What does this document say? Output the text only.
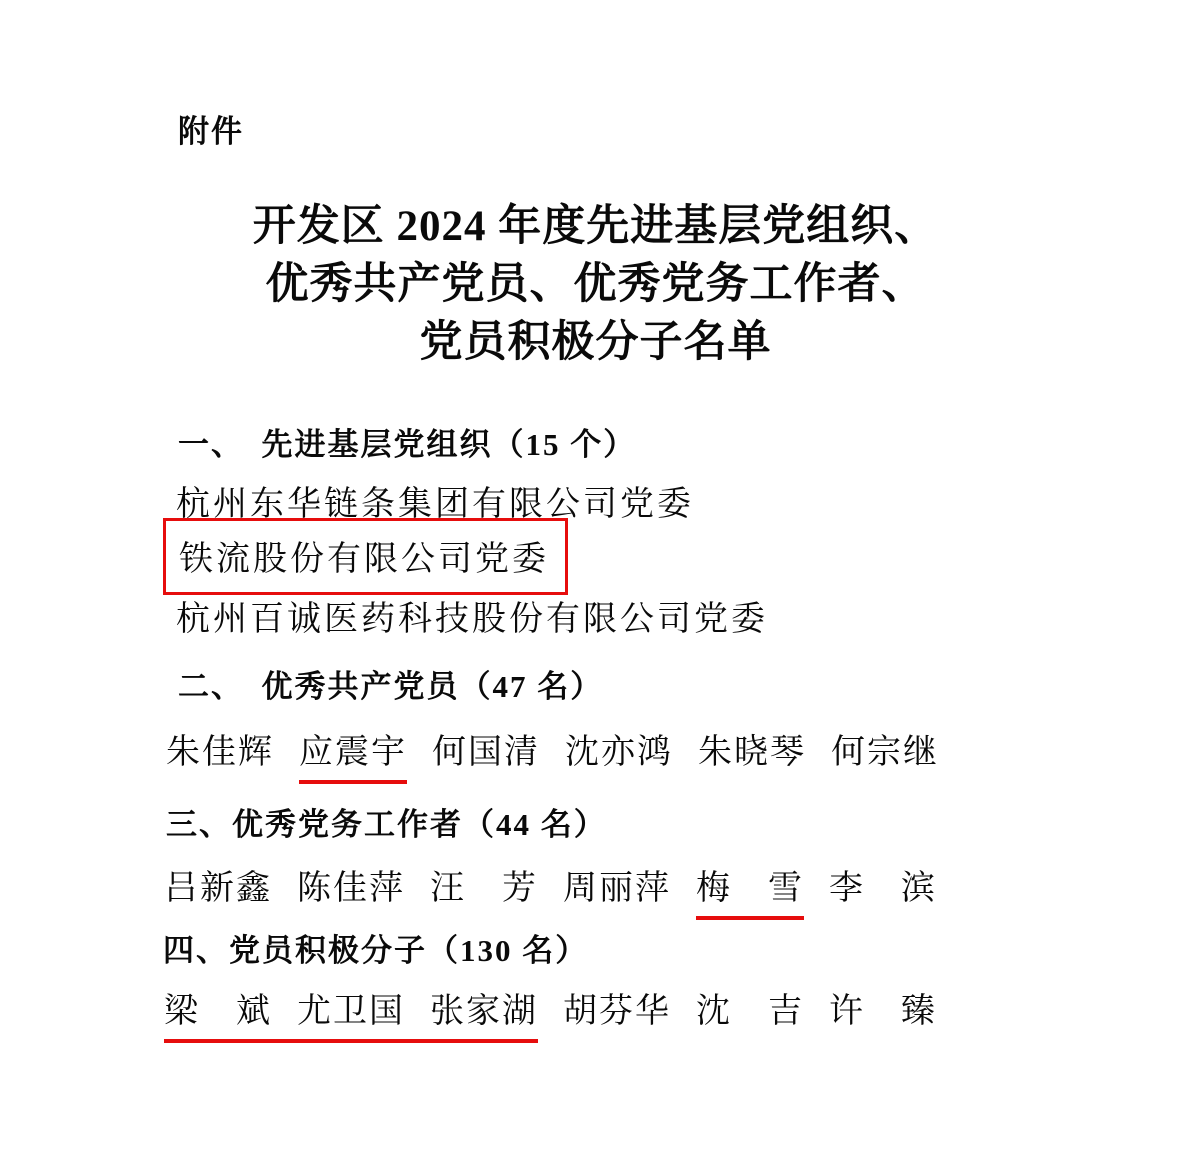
附件
开发区 2024 年度先进基层党组织、
优秀共产党员、优秀党务工作者、
党员积极分子名单
一、　先进基层党组织（15 个）
杭州东华链条集团有限公司党委
铁流股份有限公司党委
杭州百诚医药科技股份有限公司党委
二、　优秀共产党员（47 名）
朱佳辉 应震宇 何国清 沈亦鸿 朱晓琴 何宗继
三、优秀党务工作者（44 名）
吕新鑫 陈佳萍 汪　芳 周丽萍 梅　雪 李　滨
四、党员积极分子（130 名）
梁　斌 尤卫国 张家湖 胡芬华 沈　吉 许　臻
